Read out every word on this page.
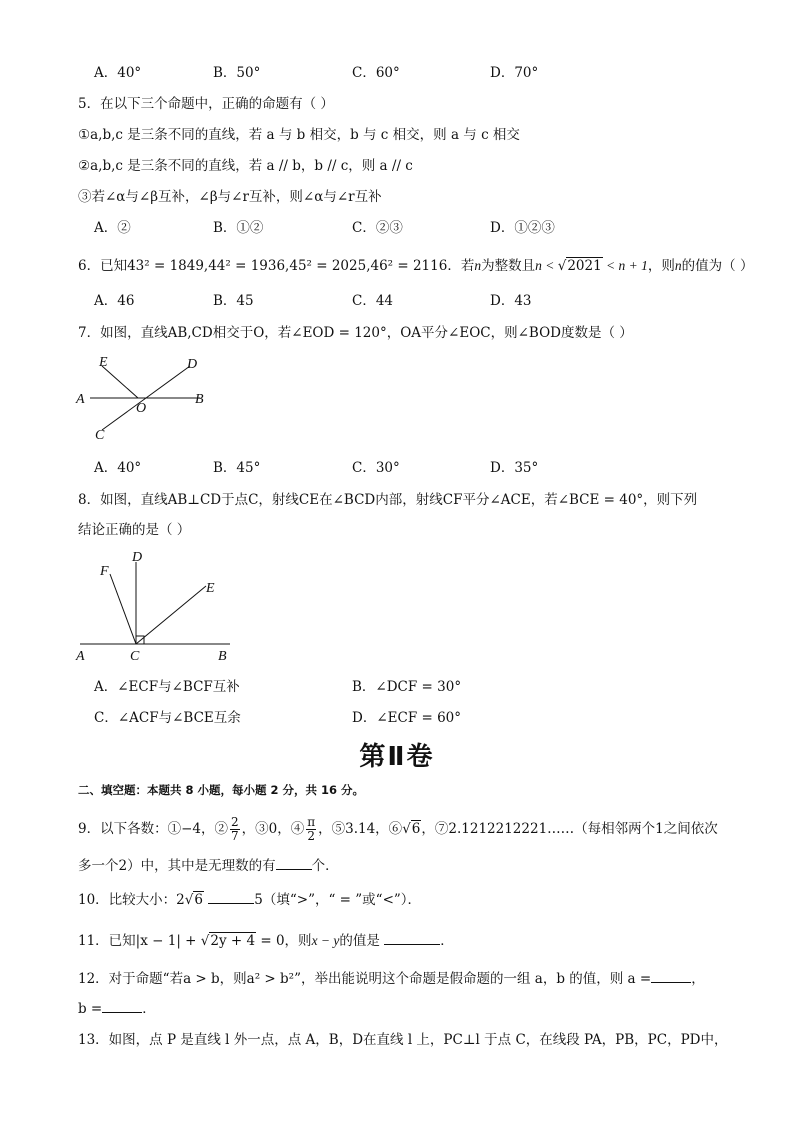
A．40°	B．50°	C．60°	D．70°
5．在以下三个命题中，正确的命题有（ ）
①a,b,c 是三条不同的直线，若 a 与 b 相交，b 与 c 相交，则 a 与 c 相交
②a,b,c 是三条不同的直线，若 a // b，b // c，则 a // c
③若∠α与∠β互补，∠β与∠r互补，则∠α与∠r互补
A．②	B．①②	C．②③	D．①②③
6．已知43² = 1849,44² = 1936,45² = 2025,46² = 2116．若n为整数且n < √2021 < n + 1，则n的值为（ ）
A．46	B．45	C．44	D．43
7．如图，直线AB,CD相交于O，若∠EOD = 120°，OA平分∠EOC，则∠BOD度数是（ ）
E	D
A
O
B
C
A．40°	B．45°	C．30°	D．35°
8．如图，直线AB⊥CD于点C，射线CE在∠BCD内部，射线CF平分∠ACE，若∠BCE = 40°，则下列
结论正确的是（ ）
D
F
E
A	C	B
A．∠ECF与∠BCF互补	B．∠DCF = 30°
C．∠ACF与∠BCE互余	D．∠ECF = 60°
第Ⅱ卷
二、填空题：本题共 8 小题，每小题 2 分，共 16 分。
9．以下各数：①−4，② $\frac{2}{7}$ ，③0，④ $\frac{\pi}{2}$ ，⑤3.14，⑥√6，⑦2.1212212221……（每相邻两个1之间依次
多一个2）中，其中是无理数的有	个．
10．比较大小：2√6	5（填“>”，“ = ”或“<”）．
11．已知|x − 1| + √2y + 4 = 0，则x − y的值是	．
12．对于命题“若a > b，则a² > b²”，举出能说明这个命题是假命题的一组 a，b 的值，则 a =	，
b =	．
13．如图，点 P 是直线 l 外一点，点 A，B，D在直线 l 上，PC⊥l 于点 C，在线段 PA，PB，PC，PD中，
